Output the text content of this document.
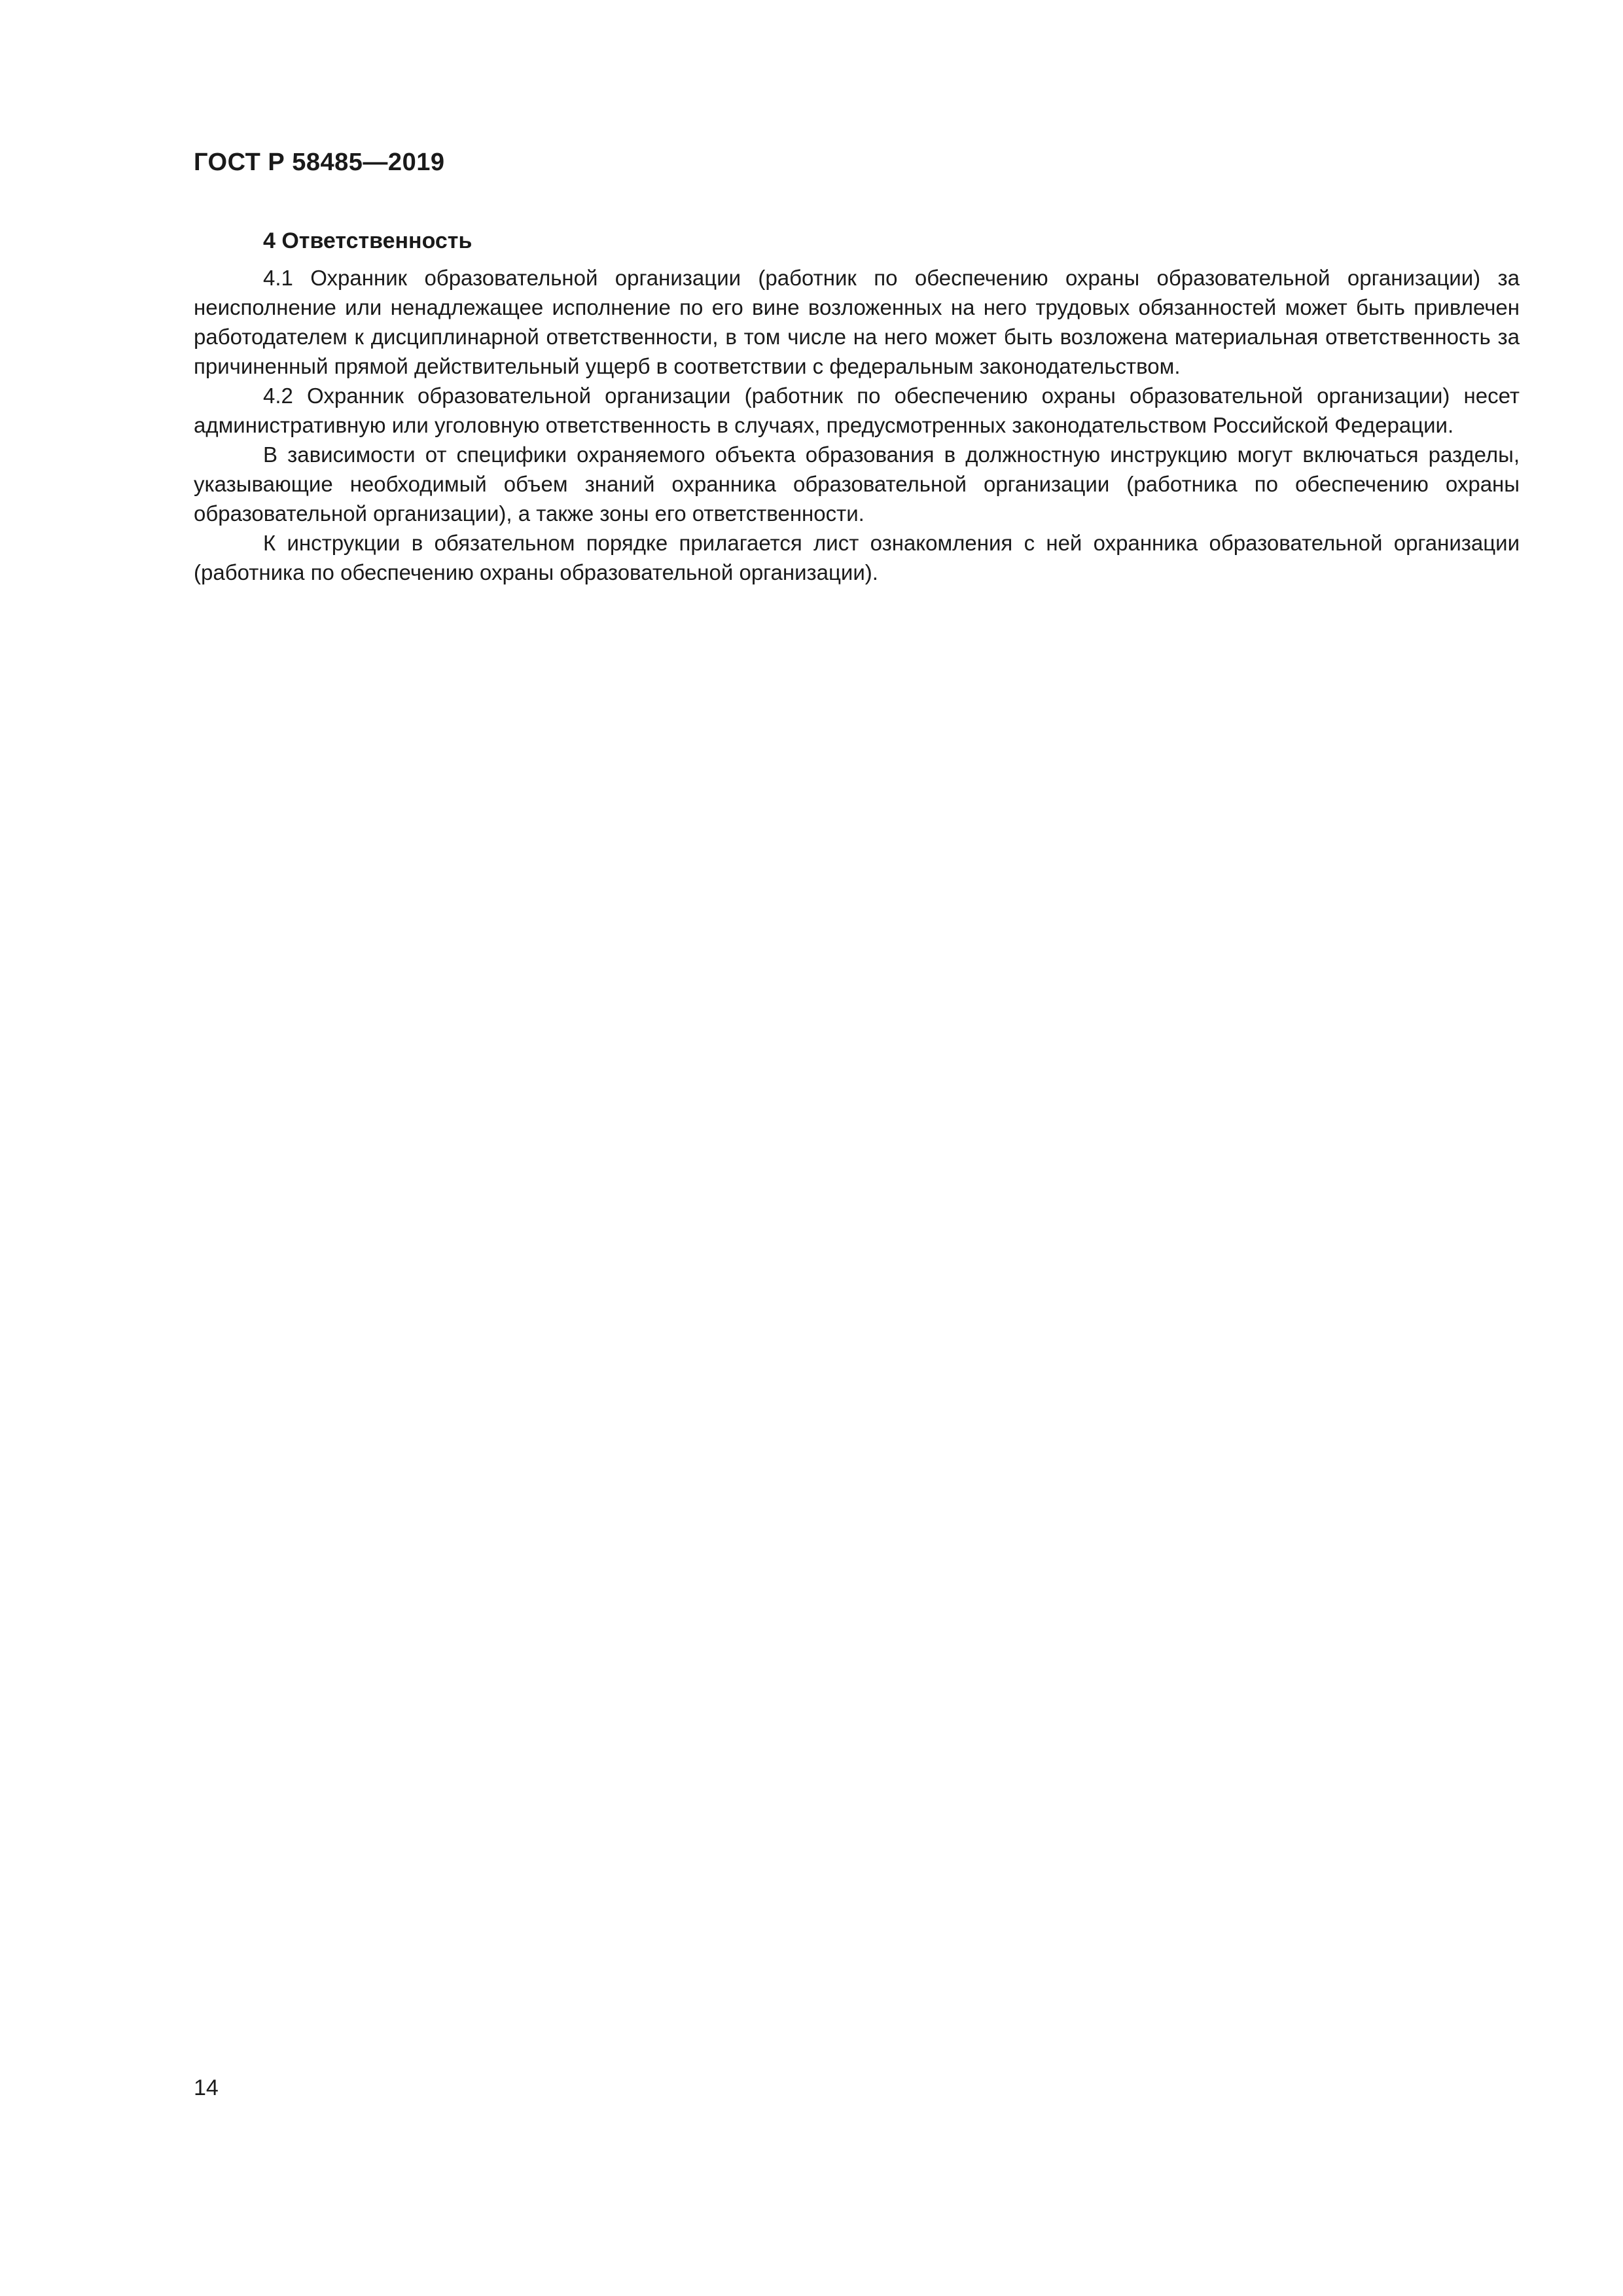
ГОСТ Р 58485—2019
4 Ответственность

4.1 Охранник образовательной организации (работник по обеспечению охраны образовательной организации) за неисполнение или ненадлежащее исполнение по его вине возложенных на него трудовых обязанностей может быть привлечен работодателем к дисциплинарной ответственности, в том числе на него может быть возложена материальная ответственность за причиненный прямой действительный ущерб в соответствии с федеральным законодательством.

4.2 Охранник образовательной организации (работник по обеспечению охраны образовательной организации) несет административную или уголовную ответственность в случаях, предусмотренных законодательством Российской Федерации.

В зависимости от специфики охраняемого объекта образования в должностную инструкцию могут включаться разделы, указывающие необходимый объем знаний охранника образовательной организации (работника по обеспечению охраны образовательной организации), а также зоны его ответственности.

К инструкции в обязательном порядке прилагается лист ознакомления с ней охранника образовательной организации (работника по обеспечению охраны образовательной организации).

14
